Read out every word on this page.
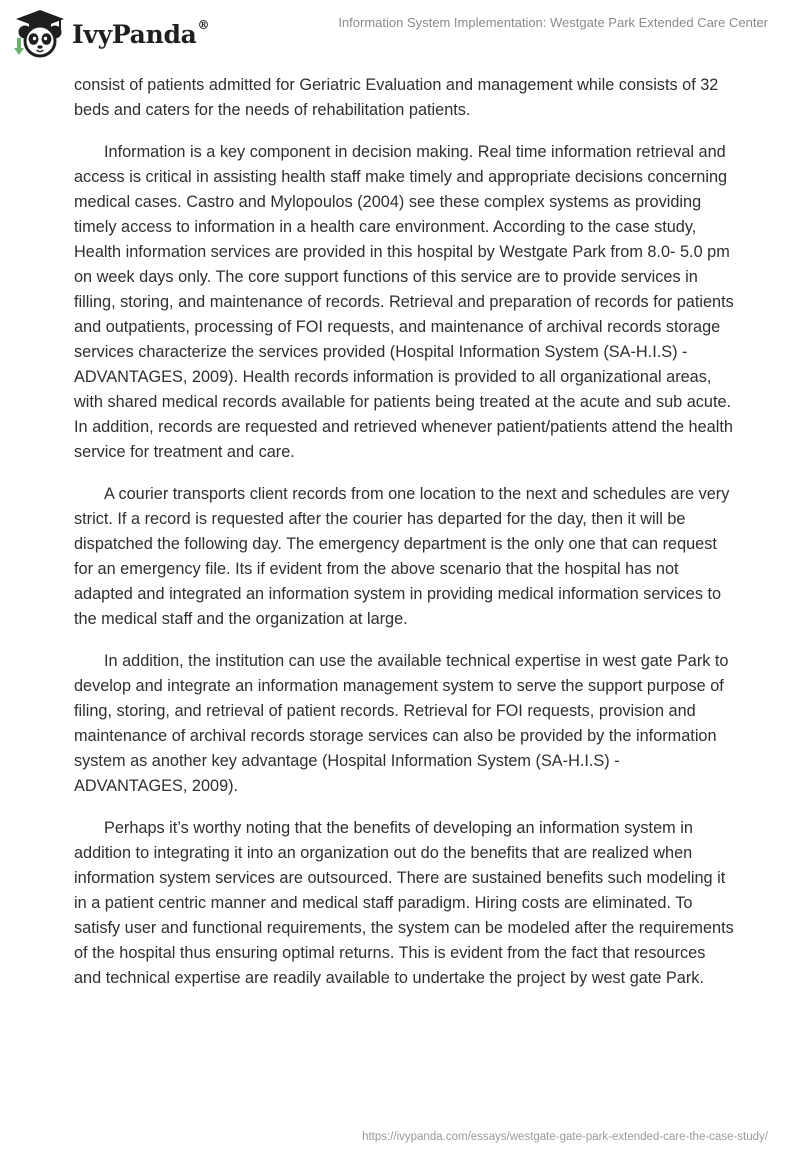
IvyPanda®	Information System Implementation: Westgate Park Extended Care Center

consist of patients admitted for Geriatric Evaluation and management while consists of 32 beds and caters for the needs of rehabilitation patients.

Information is a key component in decision making. Real time information retrieval and access is critical in assisting health staff make timely and appropriate decisions concerning medical cases. Castro and Mylopoulos (2004) see these complex systems as providing timely access to information in a health care environment. According to the case study, Health information services are provided in this hospital by Westgate Park from 8.0- 5.0 pm on week days only. The core support functions of this service are to provide services in filling, storing, and maintenance of records. Retrieval and preparation of records for patients and outpatients, processing of FOI requests, and maintenance of archival records storage services characterize the services provided (Hospital Information System (SA-H.I.S) - ADVANTAGES, 2009). Health records information is provided to all organizational areas, with shared medical records available for patients being treated at the acute and sub acute. In addition, records are requested and retrieved whenever patient/patients attend the health service for treatment and care.

A courier transports client records from one location to the next and schedules are very strict. If a record is requested after the courier has departed for the day, then it will be dispatched the following day. The emergency department is the only one that can request for an emergency file. Its if evident from the above scenario that the hospital has not adapted and integrated an information system in providing medical information services to the medical staff and the organization at large.

In addition, the institution can use the available technical expertise in west gate Park to develop and integrate an information management system to serve the support purpose of filing, storing, and retrieval of patient records. Retrieval for FOI requests, provision and maintenance of archival records storage services can also be provided by the information system as another key advantage (Hospital Information System (SA-H.I.S) - ADVANTAGES, 2009).

Perhaps it’s worthy noting that the benefits of developing an information system in addition to integrating it into an organization out do the benefits that are realized when information system services are outsourced. There are sustained benefits such modeling it in a patient centric manner and medical staff paradigm. Hiring costs are eliminated. To satisfy user and functional requirements, the system can be modeled after the requirements of the hospital thus ensuring optimal returns. This is evident from the fact that resources and technical expertise are readily available to undertake the project by west gate Park.

https://ivypanda.com/essays/westgate-gate-park-extended-care-the-case-study/
